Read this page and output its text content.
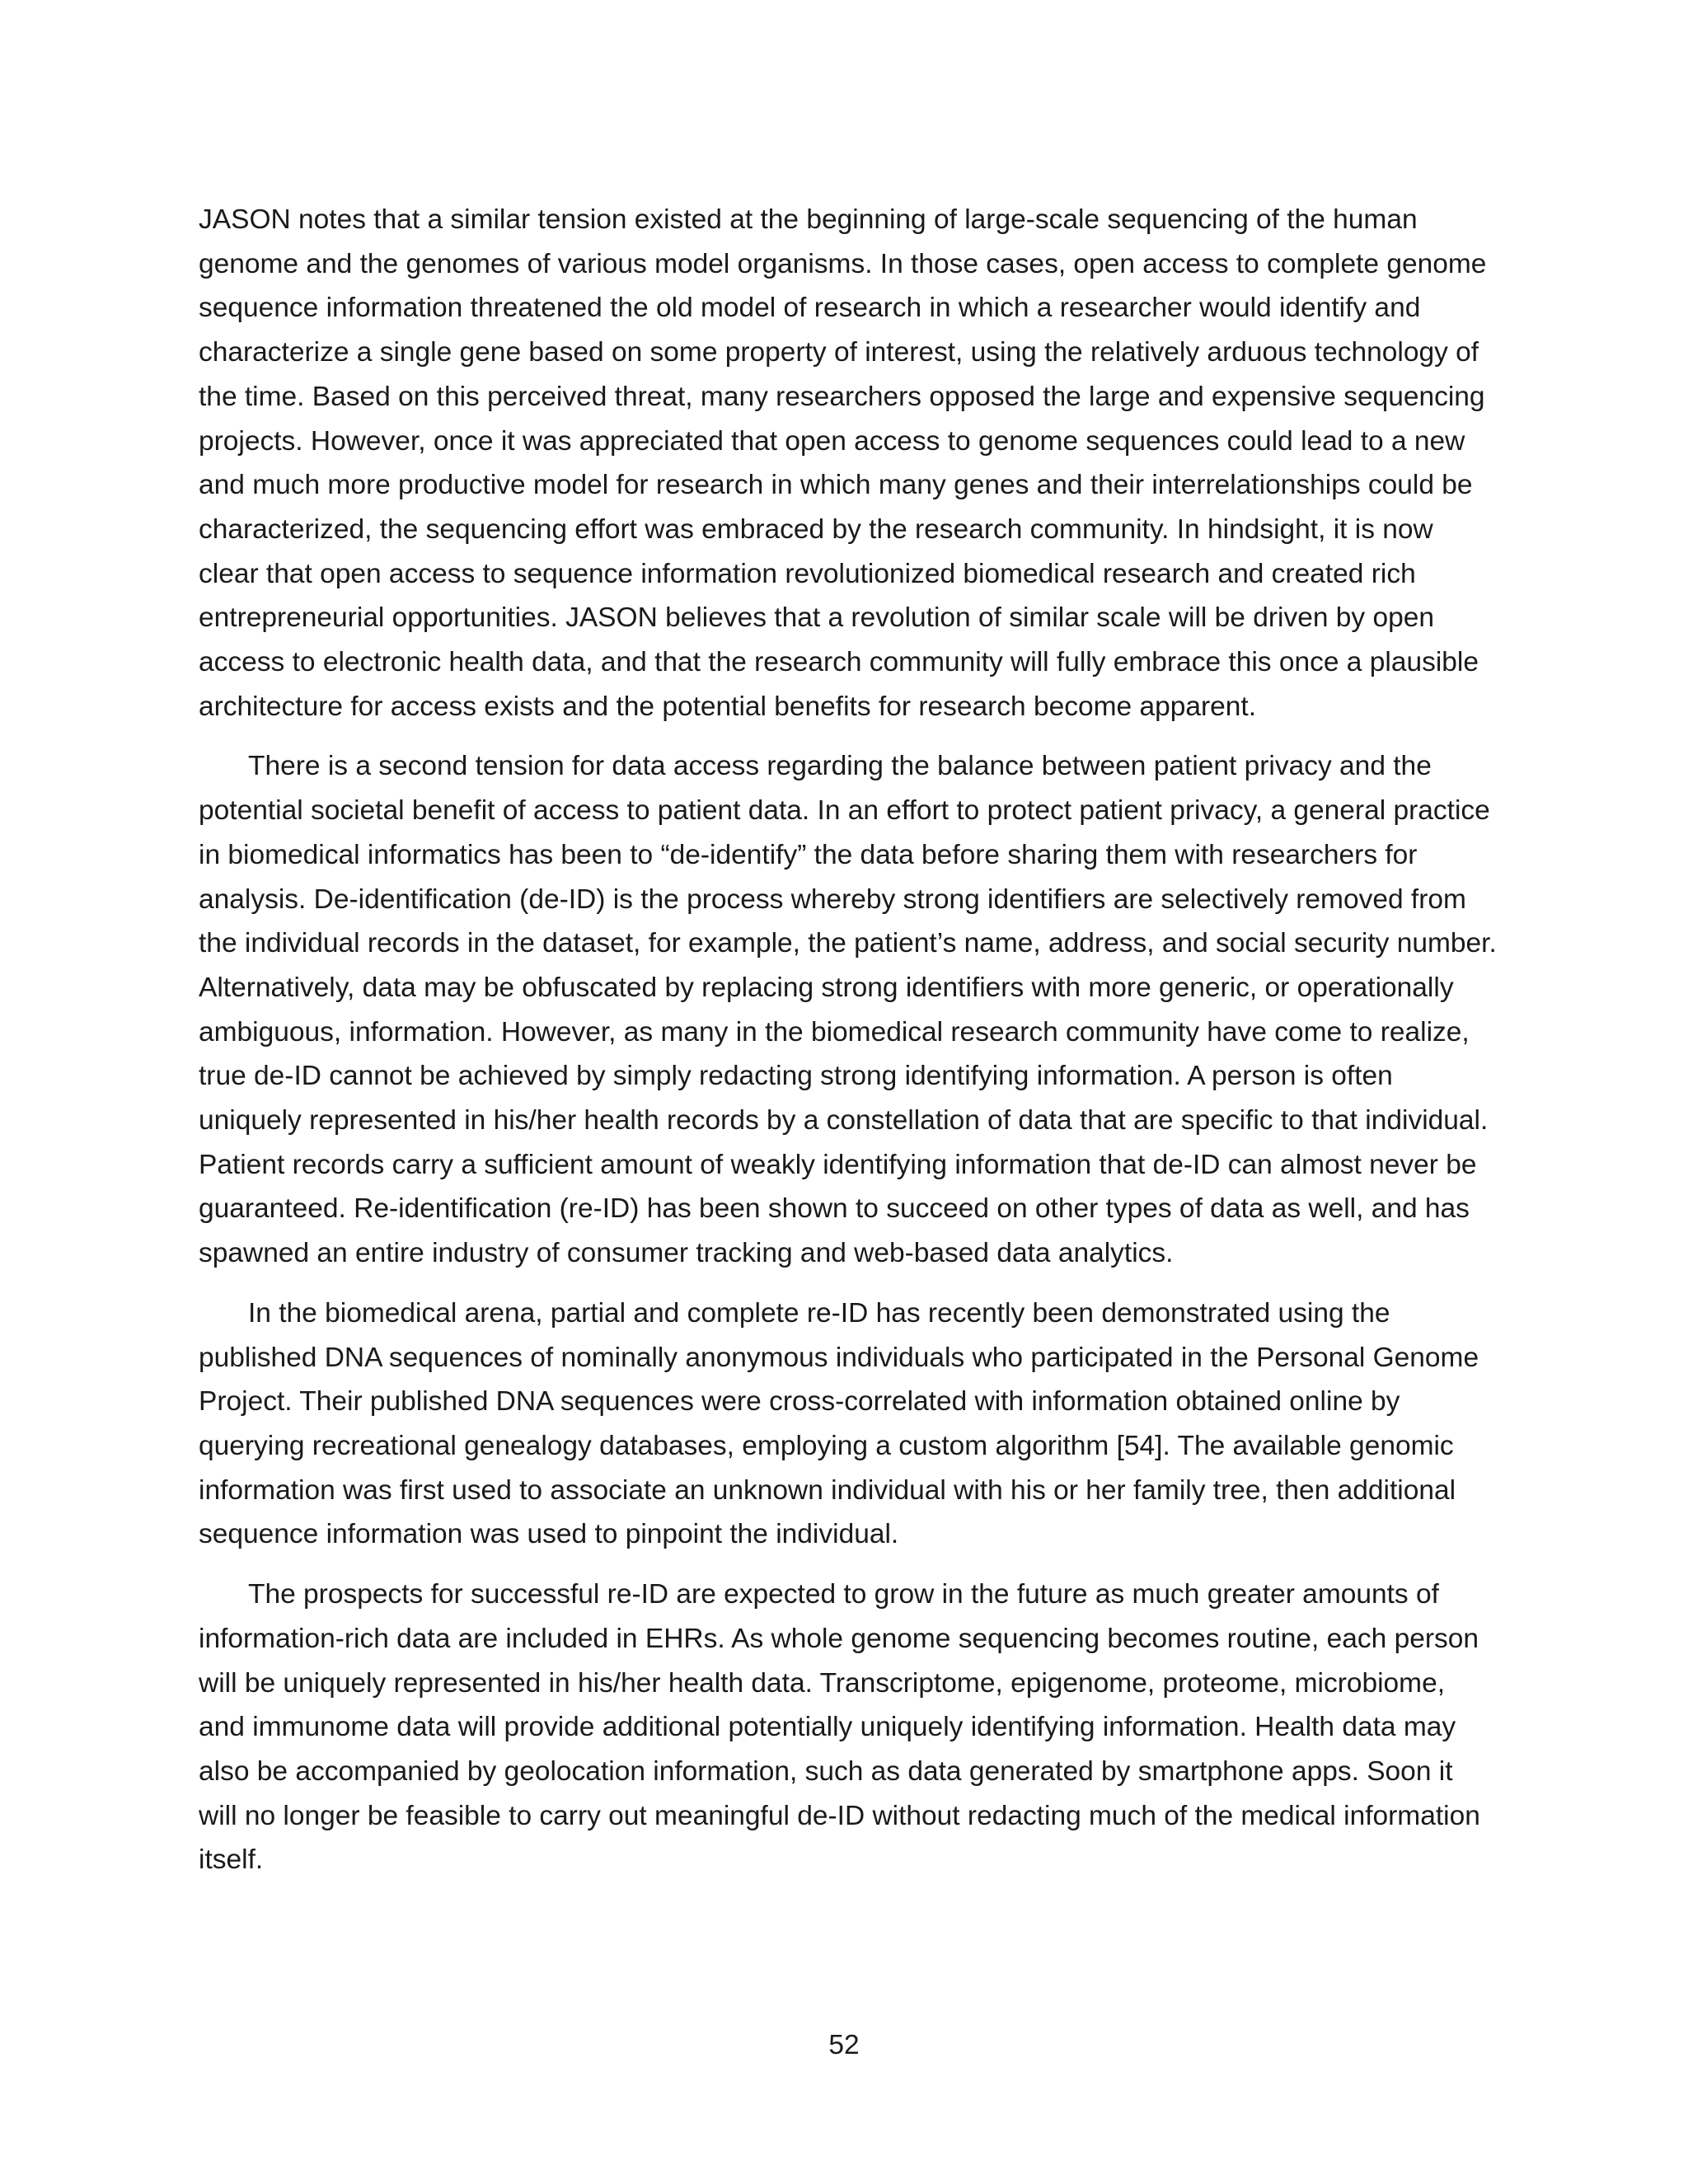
JASON notes that a similar tension existed at the beginning of large-scale sequencing of the human genome and the genomes of various model organisms. In those cases, open access to complete genome sequence information threatened the old model of research in which a researcher would identify and characterize a single gene based on some property of interest, using the relatively arduous technology of the time. Based on this perceived threat, many researchers opposed the large and expensive sequencing projects. However, once it was appreciated that open access to genome sequences could lead to a new and much more productive model for research in which many genes and their interrelationships could be characterized, the sequencing effort was embraced by the research community. In hindsight, it is now clear that open access to sequence information revolutionized biomedical research and created rich entrepreneurial opportunities. JASON believes that a revolution of similar scale will be driven by open access to electronic health data, and that the research community will fully embrace this once a plausible architecture for access exists and the potential benefits for research become apparent.

There is a second tension for data access regarding the balance between patient privacy and the potential societal benefit of access to patient data. In an effort to protect patient privacy, a general practice in biomedical informatics has been to “de-identify” the data before sharing them with researchers for analysis. De-identification (de-ID) is the process whereby strong identifiers are selectively removed from the individual records in the dataset, for example, the patient’s name, address, and social security number. Alternatively, data may be obfuscated by replacing strong identifiers with more generic, or operationally ambiguous, information. However, as many in the biomedical research community have come to realize, true de-ID cannot be achieved by simply redacting strong identifying information. A person is often uniquely represented in his/her health records by a constellation of data that are specific to that individual. Patient records carry a sufficient amount of weakly identifying information that de-ID can almost never be guaranteed. Re-identification (re-ID) has been shown to succeed on other types of data as well, and has spawned an entire industry of consumer tracking and web-based data analytics.

In the biomedical arena, partial and complete re-ID has recently been demonstrated using the published DNA sequences of nominally anonymous individuals who participated in the Personal Genome Project. Their published DNA sequences were cross-correlated with information obtained online by querying recreational genealogy databases, employing a custom algorithm [54]. The available genomic information was first used to associate an unknown individual with his or her family tree, then additional sequence information was used to pinpoint the individual.

The prospects for successful re-ID are expected to grow in the future as much greater amounts of information-rich data are included in EHRs. As whole genome sequencing becomes routine, each person will be uniquely represented in his/her health data. Transcriptome, epigenome, proteome, microbiome, and immunome data will provide additional potentially uniquely identifying information. Health data may also be accompanied by geolocation information, such as data generated by smartphone apps. Soon it will no longer be feasible to carry out meaningful de-ID without redacting much of the medical information itself.

52
